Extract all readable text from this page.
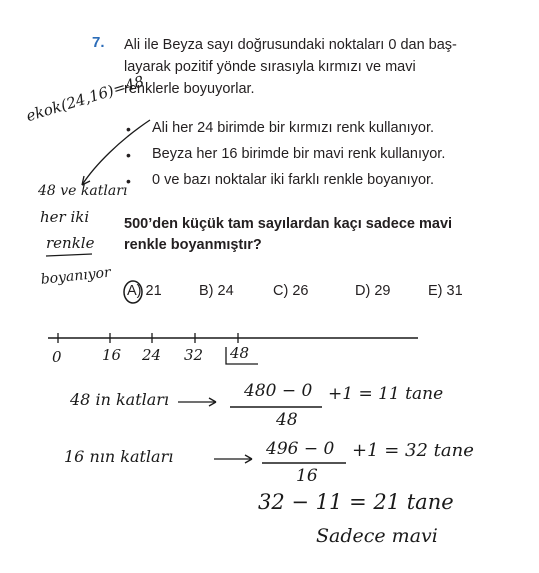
7. Ali ile Beyza sayı doğrusundaki noktaları 0 dan baş-
layarak pozitif yönde sırasıyla kırmızı ve mavi
renklerle boyuyorlar.
• Ali her 24 birimde bir kırmızı renk kullanıyor.
• Beyza her 16 birimde bir mavi renk kullanıyor.
• 0 ve bazı noktalar iki farklı renkle boyanıyor.
500’den küçük tam sayılardan kaçı sadece mavi
renkle boyanmıştır?
A) 21	B) 24	C) 26	D) 29	E) 31
ekok(24,16)=48
48 ve katları
her iki
renkle
boyanıyor
0	16 24 32 48
48 in katları	480 − 0
48
+1 = 11 tane
16 nın katları	496 − 0
16
+1 = 32 tane
32 − 11 = 21 tane
Sadece mavi
